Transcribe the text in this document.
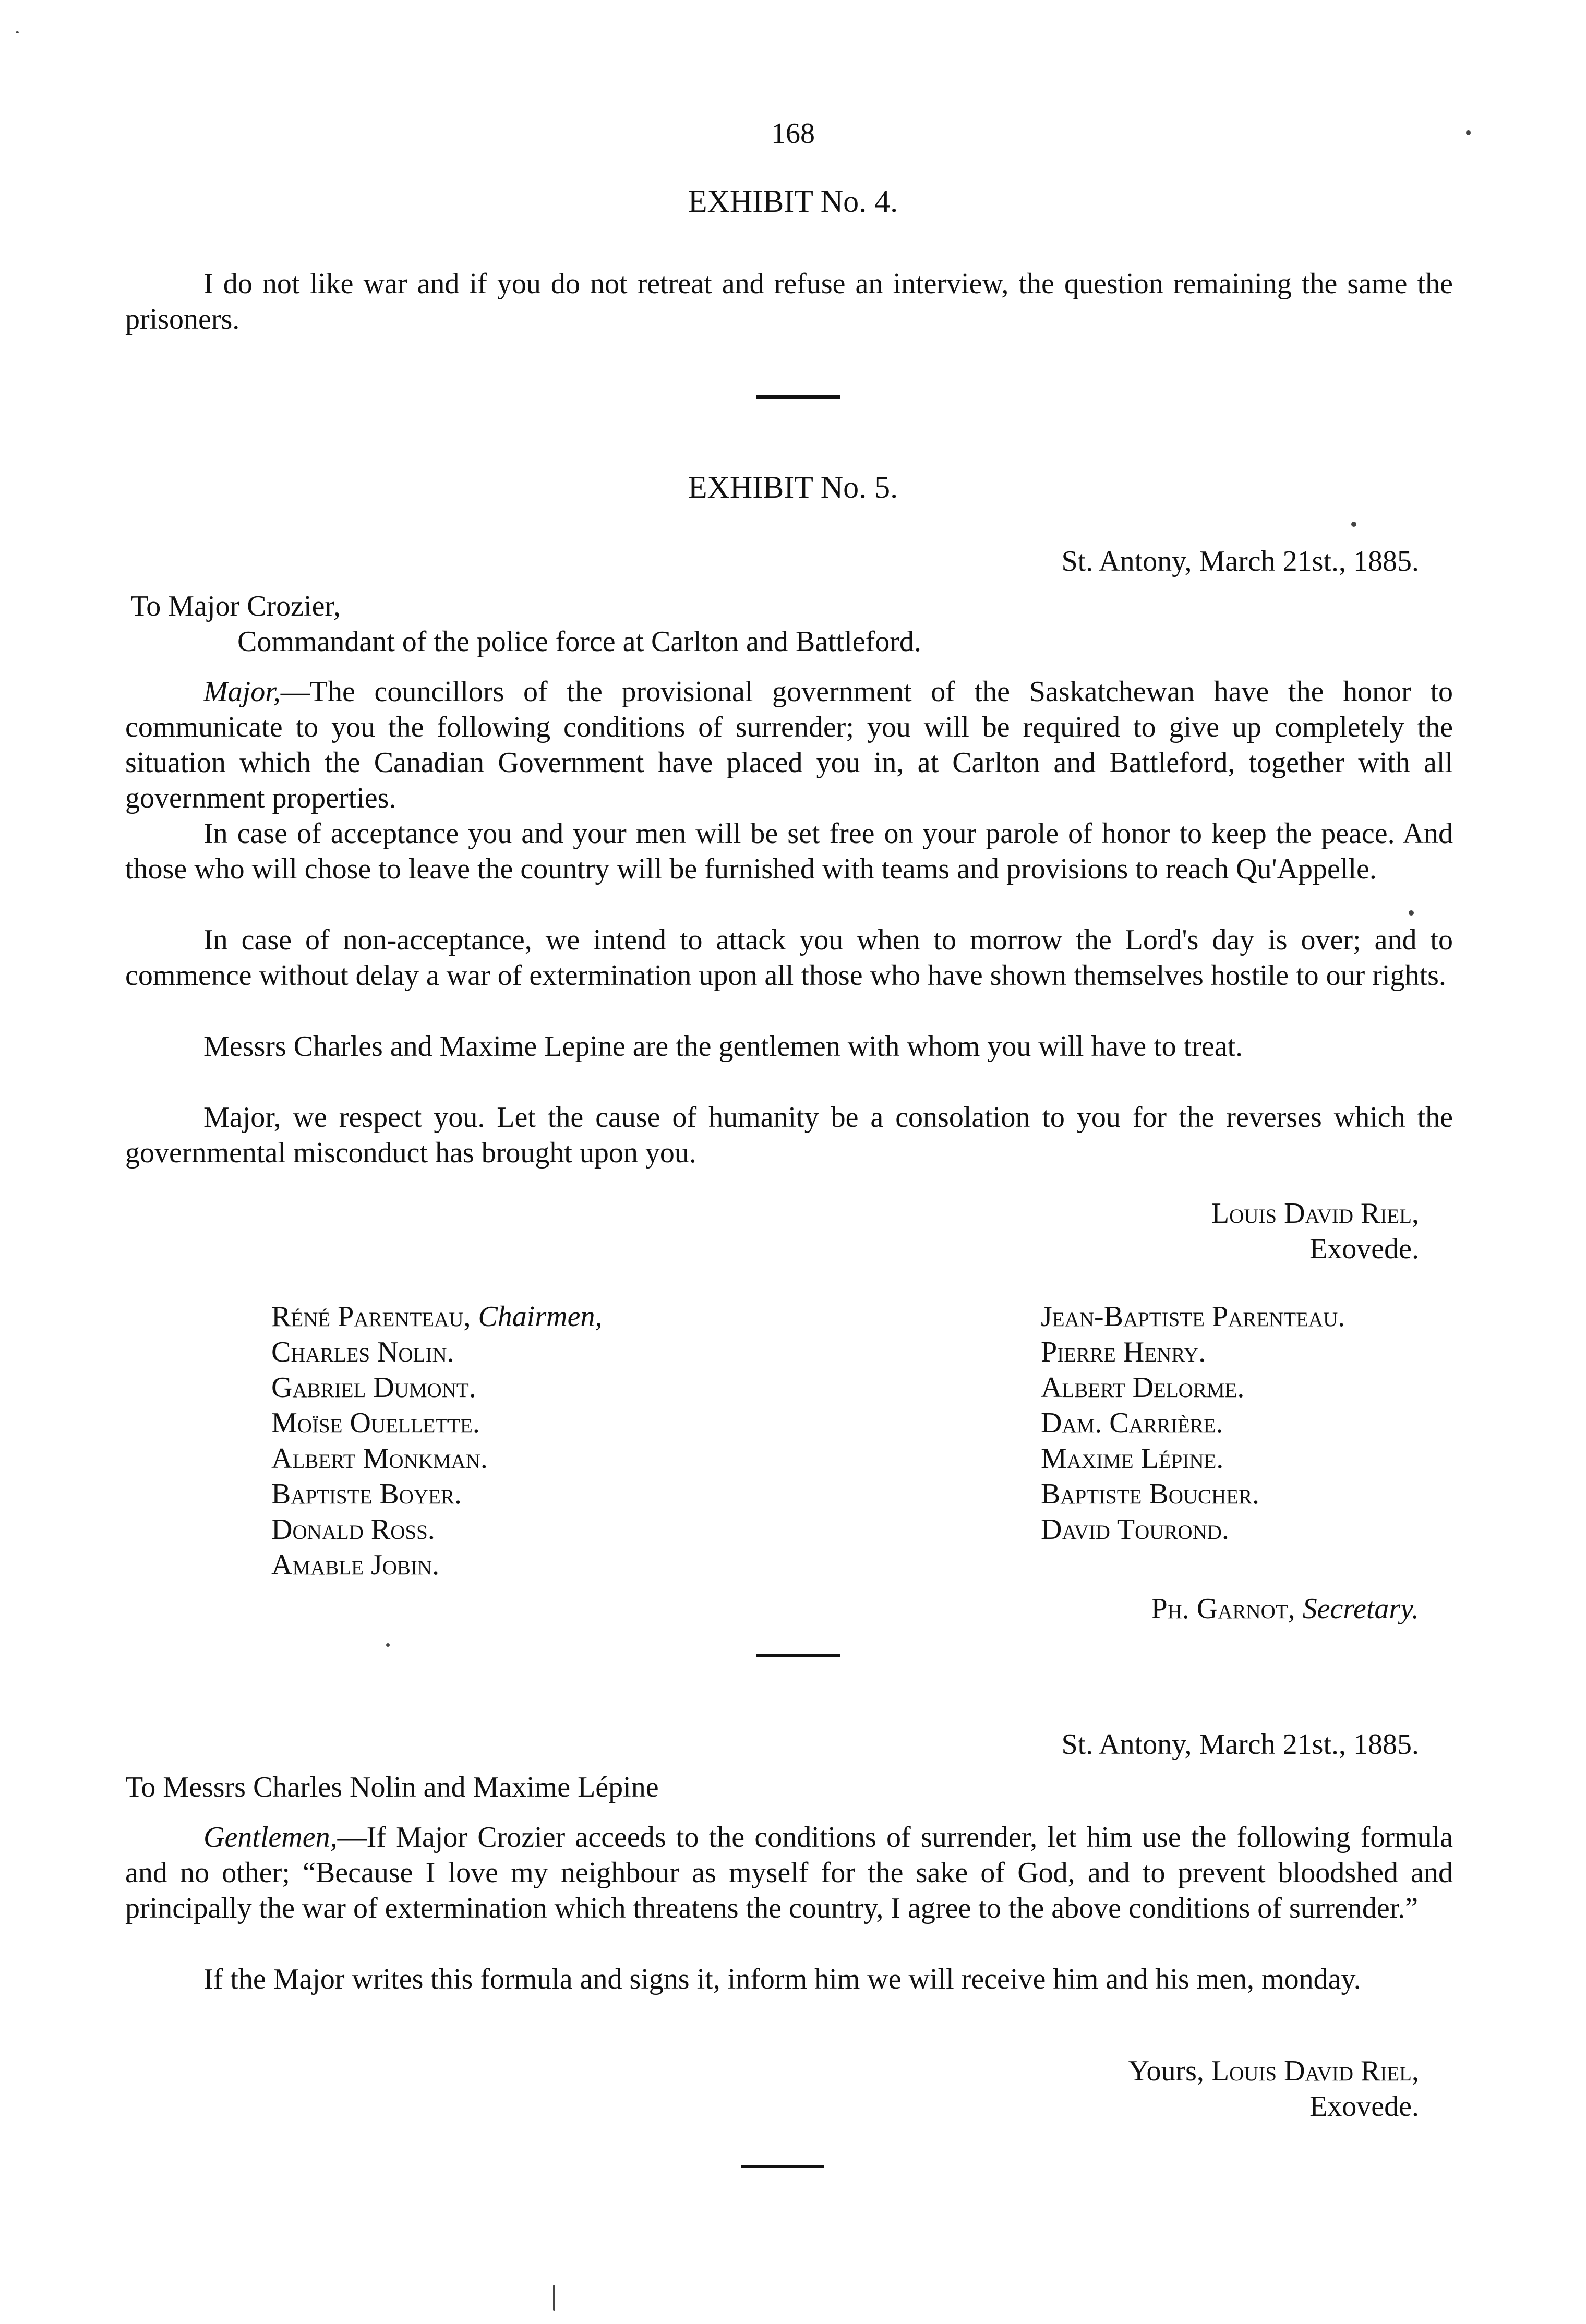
168
EXHIBIT No. 4.

I do not like war and if you do not retreat and refuse an interview, the question remaining the same the prisoners.

EXHIBIT No. 5.
St. Antony, March 21st., 1885.
To Major Crozier,
Commandant of the police force at Carlton and Battleford.

Major,—The councillors of the provisional government of the Saskatchewan have the honor to communicate to you the following conditions of surrender; you will be required to give up completely the situation which the Canadian Government have placed you in, at Carlton and Battleford, together with all government properties.

In case of acceptance you and your men will be set free on your parole of honor to keep the peace. And those who will chose to leave the country will be furnished with teams and provisions to reach Qu'Appelle.

In case of non-acceptance, we intend to attack you when to morrow the Lord's day is over; and to commence without delay a war of extermination upon all those who have shown themselves hostile to our rights.

Messrs Charles and Maxime Lepine are the gentlemen with whom you will have to treat.

Major, we respect you. Let the cause of humanity be a consolation to you for the reverses which the governmental misconduct has brought upon you.

Louis David Riel,
Exovede.
Réné Parenteau, Chairmen,
Charles Nolin.
Gabriel Dumont.
Moïse Ouellette.
Albert Monkman.
Baptiste Boyer.
Donald Ross.
Amable Jobin.
Jean-Baptiste Parenteau.
Pierre Henry.
Albert Delorme.
Dam. Carrière.
Maxime Lépine.
Baptiste Boucher.
David Tourond.
Ph. Garnot, Secretary.
St. Antony, March 21st., 1885.
To Messrs Charles Nolin and Maxime Lépine

Gentlemen,—If Major Crozier acceeds to the conditions of surrender, let him use the following formula and no other; “Because I love my neighbour as myself for the sake of God, and to prevent bloodshed and principally the war of extermination which threatens the country, I agree to the above conditions of surrender.”

If the Major writes this formula and signs it, inform him we will receive him and his men, monday.

Yours, Louis David Riel,
Exovede.
